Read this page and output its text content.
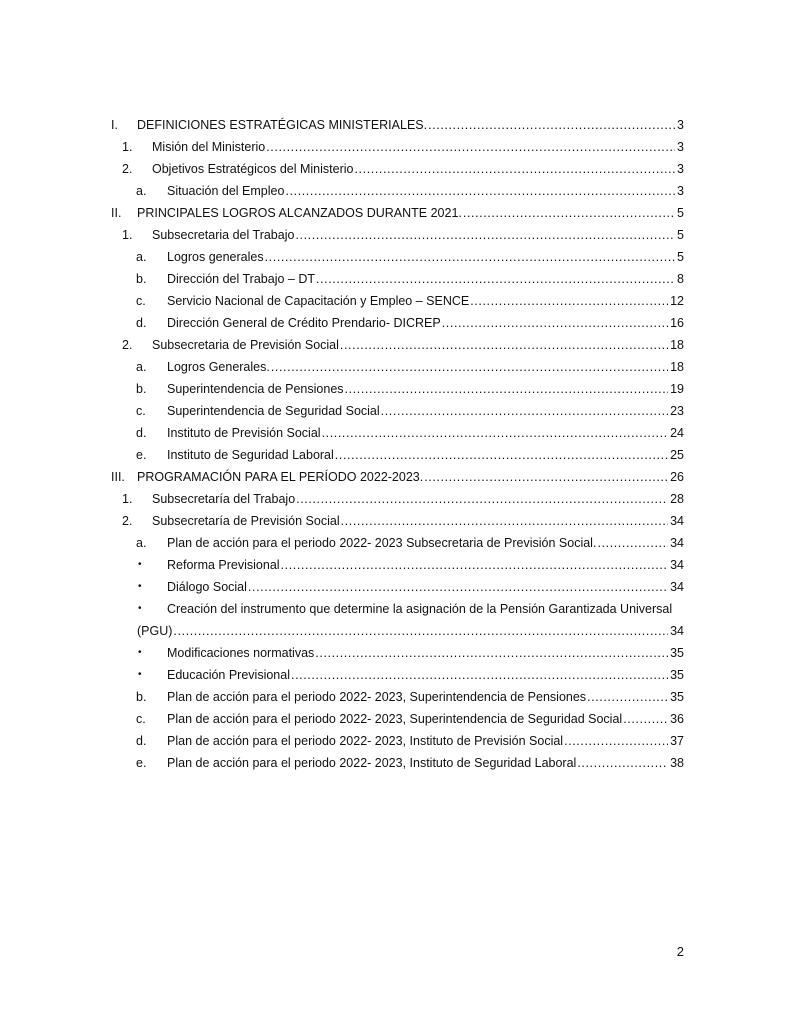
I. DEFINICIONES ESTRATÉGICAS MINISTERIALES. .....	3
1. Misión del Ministerio .....	3
2. Objetivos Estratégicos del Ministerio .....	3
a. Situación del Empleo .....	3
II. PRINCIPALES LOGROS ALCANZADOS DURANTE 2021. .....	5
1. Subsecretaria del Trabajo .....	5
a. Logros generales .....	5
b. Dirección del Trabajo – DT .....	8
c. Servicio Nacional de Capacitación y Empleo – SENCE .....	12
d. Dirección General de Crédito Prendario- DICREP .....	16
2. Subsecretaria de Previsión Social .....	18
a. Logros Generales. .....	18
b. Superintendencia de Pensiones .....	19
c. Superintendencia de Seguridad Social .....	23
d. Instituto de Previsión Social .....	24
e. Instituto de Seguridad Laboral .....	25
III. PROGRAMACIÓN PARA EL PERÍODO 2022-2023. .....	26
1. Subsecretaría del Trabajo .....	28
2. Subsecretaría de Previsión Social .....	34
a. Plan de acción para el periodo 2022- 2023 Subsecretaria de Previsión Social. .....	34
• Reforma Previsional .....	34
• Diálogo Social .....	34
• Creación del instrumento que determine la asignación de la Pensión Garantizada Universal
(PGU) .....	34
• Modificaciones normativas .....	35
• Educación Previsional .....	35
b. Plan de acción para el periodo 2022- 2023, Superintendencia de Pensiones .....	35
c. Plan de acción para el periodo 2022- 2023, Superintendencia de Seguridad Social .....	36
d. Plan de acción para el periodo 2022- 2023, Instituto de Previsión Social .....	37
e. Plan de acción para el periodo 2022- 2023, Instituto de Seguridad Laboral .....	38
2
